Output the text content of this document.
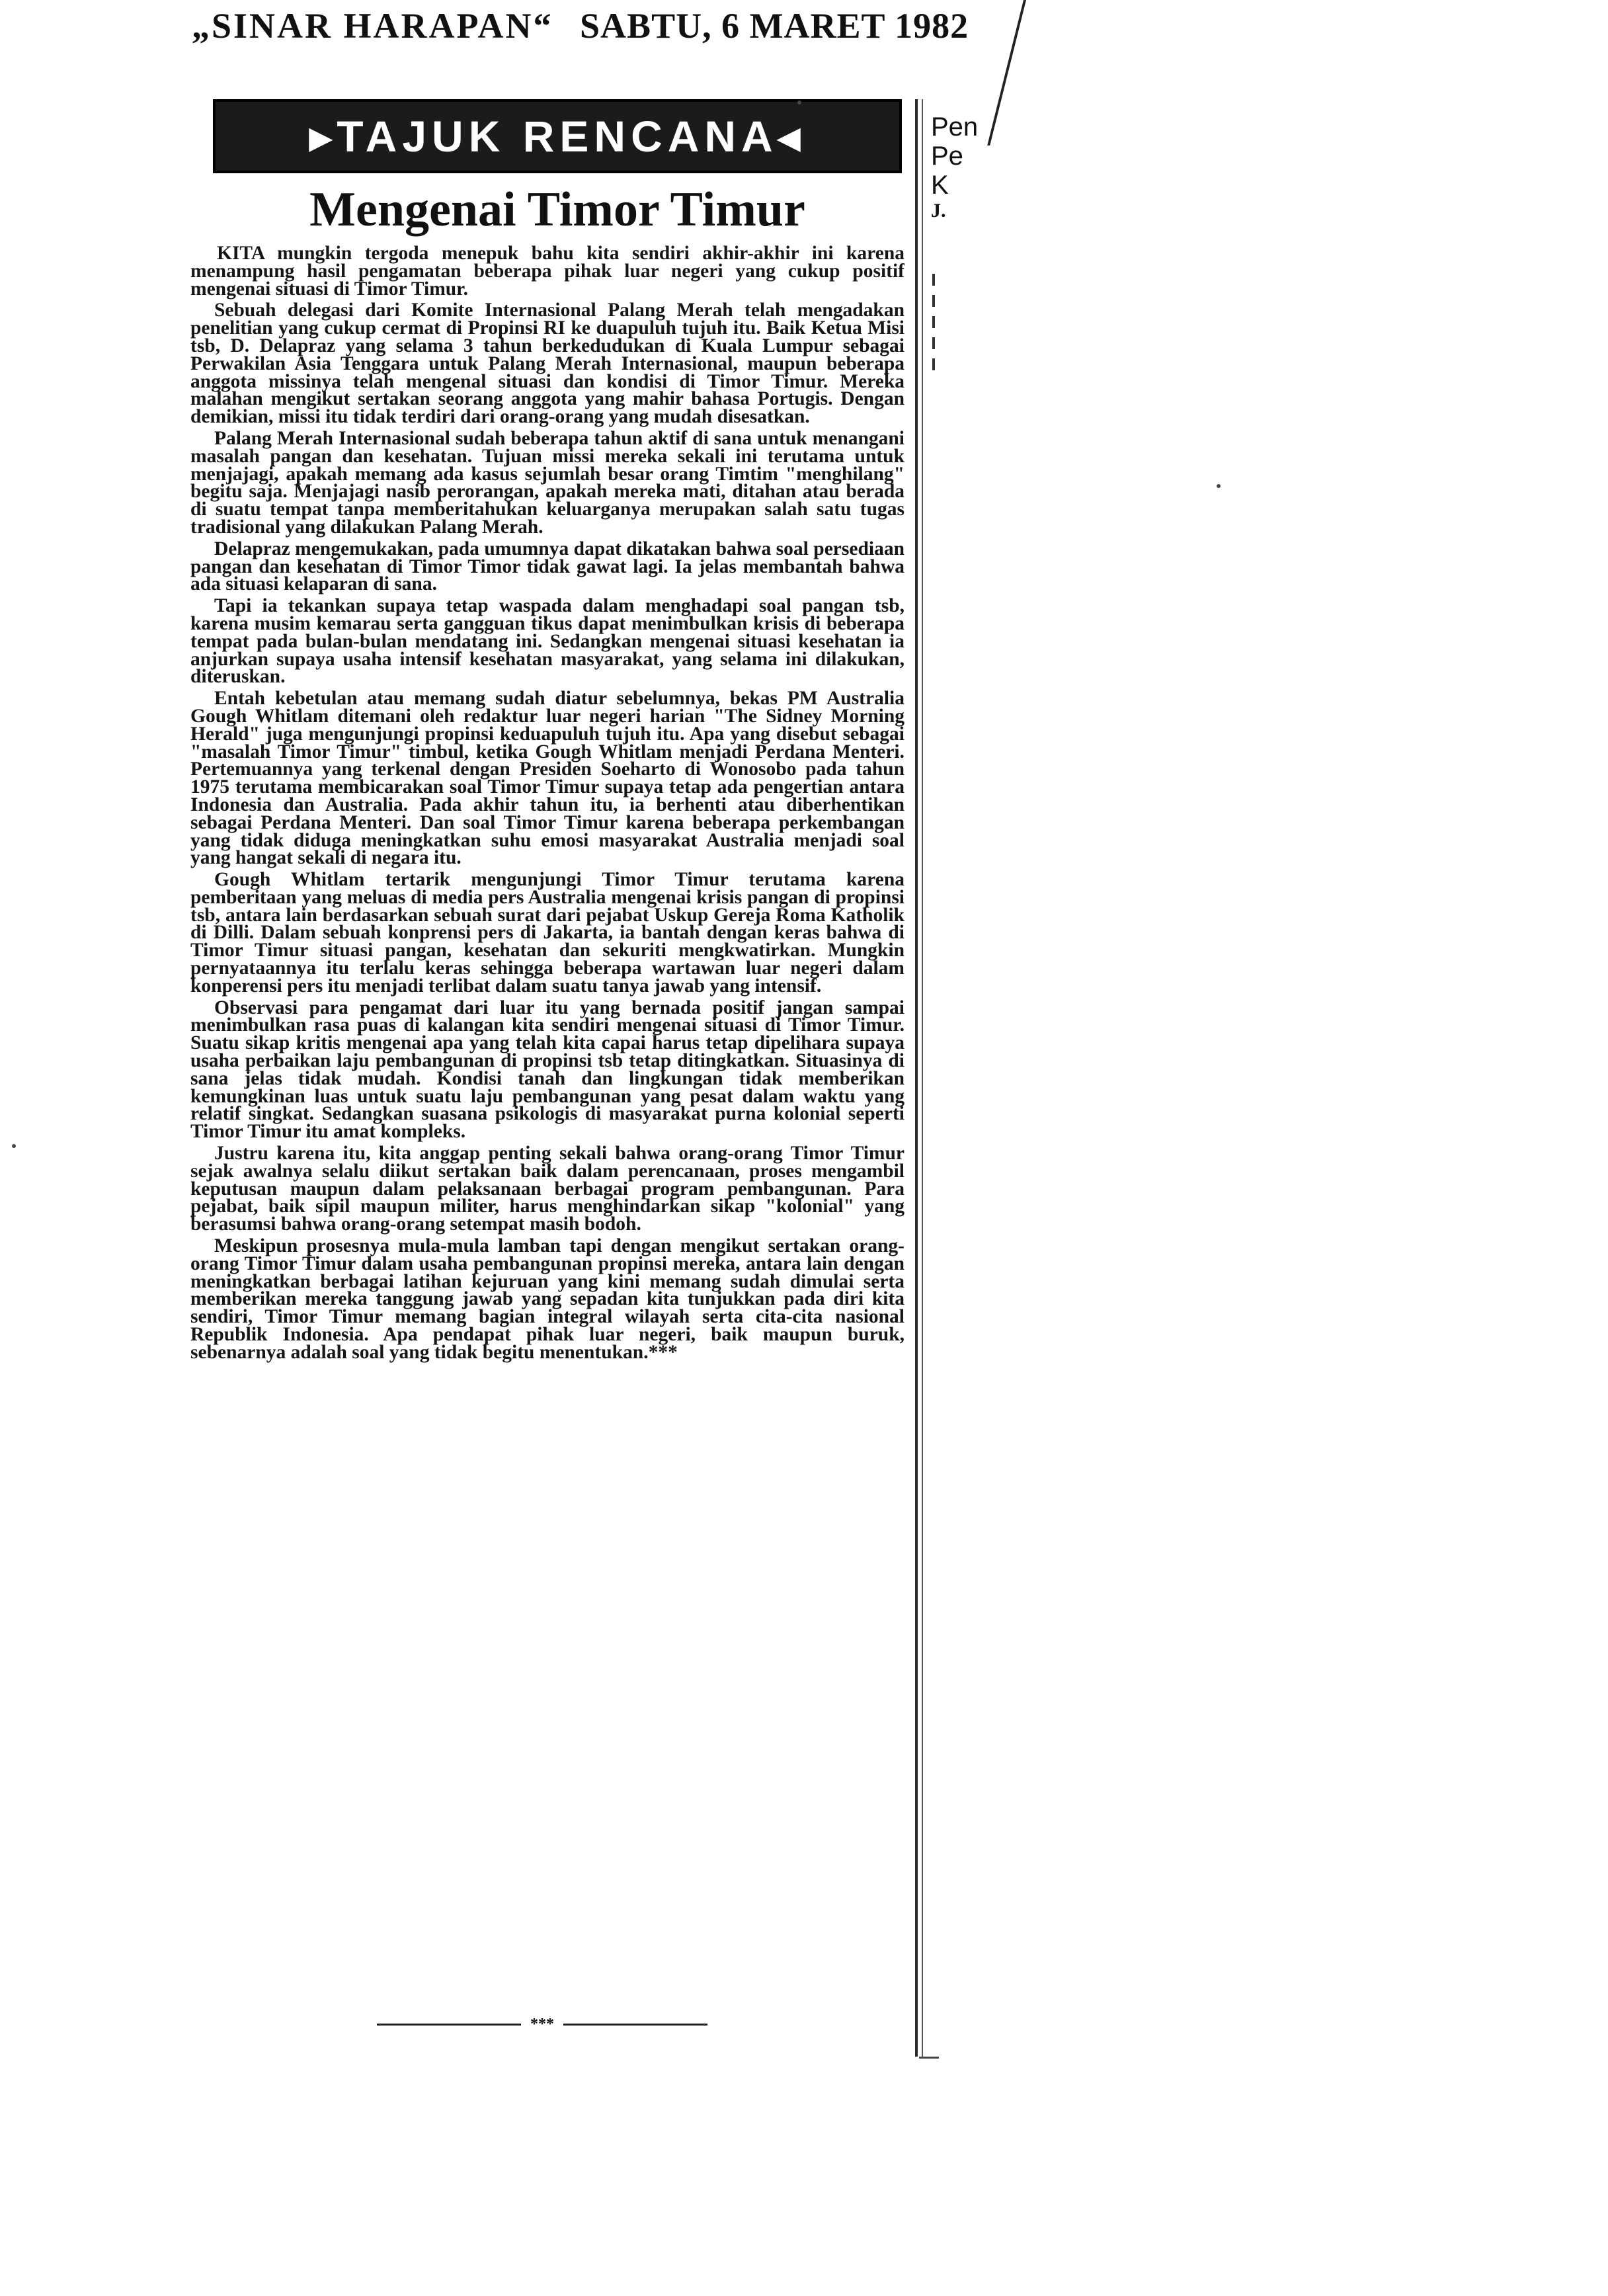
„SINAR HARAPAN“ SABTU, 6 MARET 1982
▸TAJUK RENCANA◂
Mengenai Timor Timur

KITA mungkin tergoda menepuk bahu kita sendiri akhir-akhir ini karena menampung hasil pengamatan beberapa pihak luar negeri yang cukup positif mengenai situasi di Timor Timur.

Sebuah delegasi dari Komite Internasional Palang Merah telah mengadakan penelitian yang cukup cermat di Propinsi RI ke duapuluh tujuh itu. Baik Ketua Misi tsb, D. Delapraz yang selama 3 tahun berkedudukan di Kuala Lumpur sebagai Perwakilan Asia Tenggara untuk Palang Merah Internasional, maupun beberapa anggota missinya telah mengenal situasi dan kondisi di Timor Timur. Mereka malahan mengikut sertakan seorang anggota yang mahir bahasa Portugis. Dengan demikian, missi itu tidak terdiri dari orang-orang yang mudah disesatkan.

Palang Merah Internasional sudah beberapa tahun aktif di sana untuk menangani masalah pangan dan kesehatan. Tujuan missi mereka sekali ini terutama untuk menjajagi, apakah memang ada kasus sejumlah besar orang Timtim "menghilang" begitu saja. Menjajagi nasib perorangan, apakah mereka mati, ditahan atau berada di suatu tempat tanpa memberitahukan keluarganya merupakan salah satu tugas tradisional yang dilakukan Palang Merah.

Delapraz mengemukakan, pada umumnya dapat dikatakan bahwa soal persediaan pangan dan kesehatan di Timor Timor tidak gawat lagi. Ia jelas membantah bahwa ada situasi kelaparan di sana.

Tapi ia tekankan supaya tetap waspada dalam menghadapi soal pangan tsb, karena musim kemarau serta gangguan tikus dapat menimbulkan krisis di beberapa tempat pada bulan-bulan mendatang ini. Sedangkan mengenai situasi kesehatan ia anjurkan supaya usaha intensif kesehatan masyarakat, yang selama ini dilakukan, diteruskan.

Entah kebetulan atau memang sudah diatur sebelumnya, bekas PM Australia Gough Whitlam ditemani oleh redaktur luar negeri harian "The Sidney Morning Herald" juga mengunjungi propinsi keduapuluh tujuh itu. Apa yang disebut sebagai "masalah Timor Timur" timbul, ketika Gough Whitlam menjadi Perdana Menteri. Pertemuannya yang terkenal dengan Presiden Soeharto di Wonosobo pada tahun 1975 terutama membicarakan soal Timor Timur supaya tetap ada pengertian antara Indonesia dan Australia. Pada akhir tahun itu, ia berhenti atau diberhentikan sebagai Perdana Menteri. Dan soal Timor Timur karena beberapa perkembangan yang tidak diduga meningkatkan suhu emosi masyarakat Australia menjadi soal yang hangat sekali di negara itu.

Gough Whitlam tertarik mengunjungi Timor Timur terutama karena pemberitaan yang meluas di media pers Australia mengenai krisis pangan di propinsi tsb, antara lain berdasarkan sebuah surat dari pejabat Uskup Gereja Roma Katholik di Dilli. Dalam sebuah konprensi pers di Jakarta, ia bantah dengan keras bahwa di Timor Timur situasi pangan, kesehatan dan sekuriti mengkwatirkan. Mungkin pernyataannya itu terlalu keras sehingga beberapa wartawan luar negeri dalam konperensi pers itu menjadi terlibat dalam suatu tanya jawab yang intensif.

Observasi para pengamat dari luar itu yang bernada positif jangan sampai menimbulkan rasa puas di kalangan kita sendiri mengenai situasi di Timor Timur. Suatu sikap kritis mengenai apa yang telah kita capai harus tetap dipelihara supaya usaha perbaikan laju pembangunan di propinsi tsb tetap ditingkatkan. Situasinya di sana jelas tidak mudah. Kondisi tanah dan lingkungan tidak memberikan kemungkinan luas untuk suatu laju pembangunan yang pesat dalam waktu yang relatif singkat. Sedangkan suasana psikologis di masyarakat purna kolonial seperti Timor Timur itu amat kompleks.

Justru karena itu, kita anggap penting sekali bahwa orang-orang Timor Timur sejak awalnya selalu diikut sertakan baik dalam perencanaan, proses mengambil keputusan maupun dalam pelaksanaan berbagai program pembangunan. Para pejabat, baik sipil maupun militer, harus menghindarkan sikap "kolonial" yang berasumsi bahwa orang-orang setempat masih bodoh.

Meskipun prosesnya mula-mula lamban tapi dengan mengikut sertakan orang-orang Timor Timur dalam usaha pembangunan propinsi mereka, antara lain dengan meningkatkan berbagai latihan kejuruan yang kini memang sudah dimulai serta memberikan mereka tanggung jawab yang sepadan kita tunjukkan pada diri kita sendiri, Timor Timur memang bagian integral wilayah serta cita-cita nasional Republik Indonesia. Apa pendapat pihak luar negeri, baik maupun buruk, sebenarnya adalah soal yang tidak begitu menentukan.***

***
Pen
Pe
K
J.
